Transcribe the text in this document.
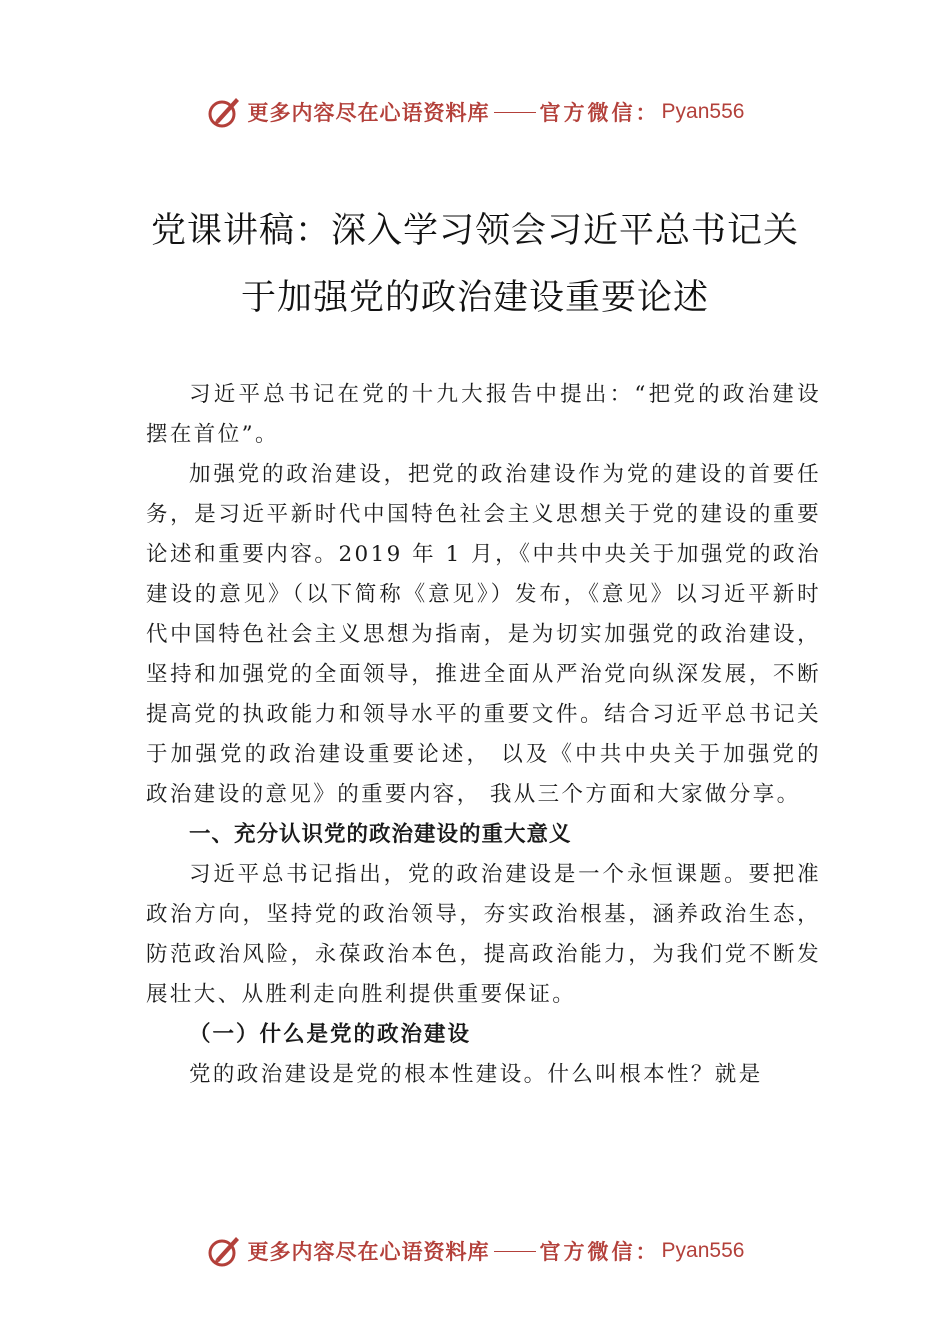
更多内容尽在心语资料库 官方微信： Pyan556
党课讲稿：深入学习领会习近平总书记关
于加强党的政治建设重要论述

习近平总书记在党的十九大报告中提出：“把党的政治建设摆在首位”。

加强党的政治建设，把党的政治建设作为党的建设的首要任务，是习近平新时代中国特色社会主义思想关于党的建设的重要论述和重要内容。2019 年 1 月，《中共中央关于加强党的政治建设的意见》（以下简称《意见》）发布，《意见》以习近平新时代中国特色社会主义思想为指南，是为切实加强党的政治建设，坚持和加强党的全面领导，推进全面从严治党向纵深发展，不断提高党的执政能力和领导水平的重要文件。结合习近平总书记关于加强党的政治建设重要论述， 以及《中共中央关于加强党的政治建设的意见》的重要内容， 我从三个方面和大家做分享。

一、充分认识党的政治建设的重大意义

习近平总书记指出，党的政治建设是一个永恒课题。要把准政治方向，坚持党的政治领导，夯实政治根基，涵养政治生态，防范政治风险，永葆政治本色，提高政治能力，为我们党不断发展壮大、从胜利走向胜利提供重要保证。

（一）什么是党的政治建设

党的政治建设是党的根本性建设。什么叫根本性？就是

更多内容尽在心语资料库 官方微信： Pyan556
